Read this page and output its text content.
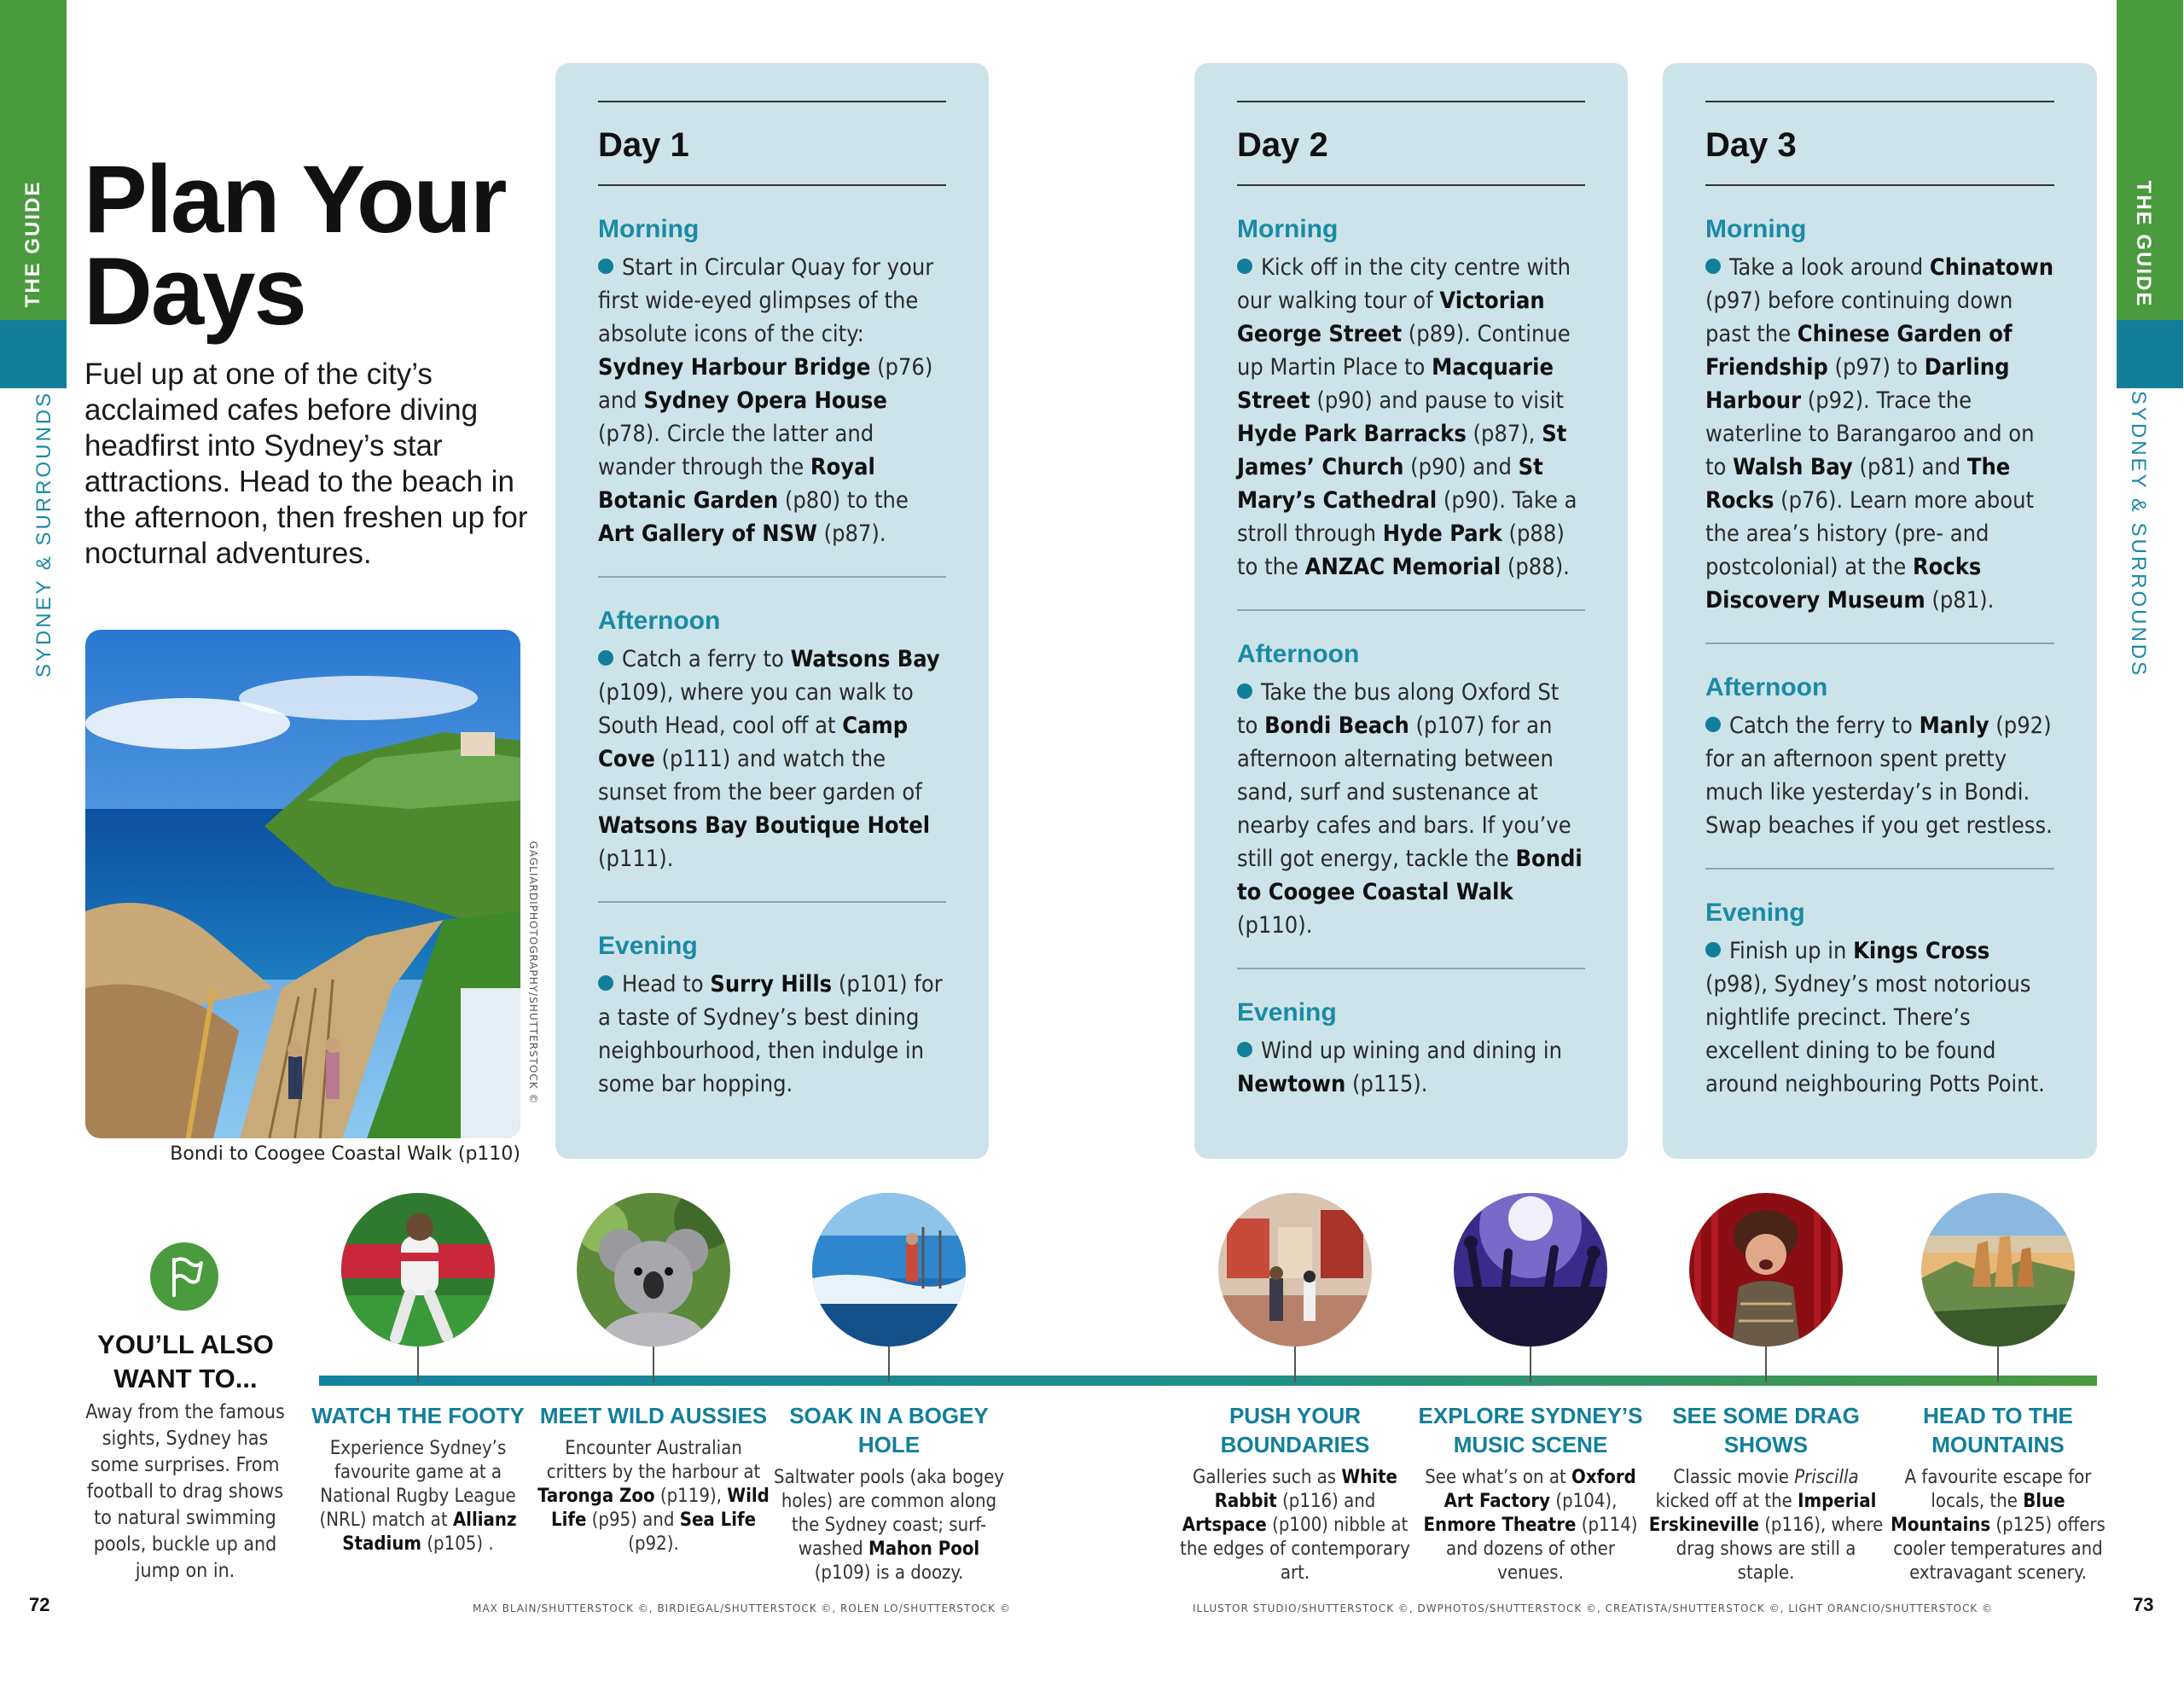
THE GUIDE
SYDNEY & SURROUNDS
THE GUIDE
SYDNEY & SURROUNDS
Plan Your
Days

Fuel up at one of the city’s acclaimed cafes before diving headfirst into Sydney’s star attractions. Head to the beach in the afternoon, then freshen up for nocturnal adventures.

GAGLIARDIPHOTOGRAPHY/SHUTTERSTOCK ©
Bondi to Coogee Coastal Walk (p110)
Day 1
Morning
Start in Circular Quay for your first wide-eyed glimpses of the absolute icons of the city: Sydney Harbour Bridge (p76) and Sydney Opera House (p78). Circle the latter and wander through the Royal Botanic Garden (p80) to the Art Gallery of NSW (p87).
Afternoon
Catch a ferry to Watsons Bay (p109), where you can walk to South Head, cool off at Camp Cove (p111) and watch the sunset from the beer garden of Watsons Bay Boutique Hotel (p111).
Evening
Head to Surry Hills (p101) for a taste of Sydney’s best dining neighbourhood, then indulge in some bar hopping.
Day 2
Morning
Kick off in the city centre with our walking tour of Victorian George Street (p89). Continue up Martin Place to Macquarie Street (p90) and pause to visit Hyde Park Barracks (p87), St James’ Church (p90) and St Mary’s Cathedral (p90). Take a stroll through Hyde Park (p88) to the ANZAC Memorial (p88).
Afternoon
Take the bus along Oxford St to Bondi Beach (p107) for an afternoon alternating between sand, surf and sustenance at nearby cafes and bars. If you’ve still got energy, tackle the Bondi to Coogee Coastal Walk (p110).
Evening
Wind up wining and dining in Newtown (p115).
Day 3
Morning
Take a look around Chinatown (p97) before continuing down past the Chinese Garden of Friendship (p97) to Darling Harbour (p92). Trace the waterline to Barangaroo and on to Walsh Bay (p81) and The Rocks (p76). Learn more about the area’s history (pre- and postcolonial) at the Rocks Discovery Museum (p81).
Afternoon
Catch the ferry to Manly (p92) for an afternoon spent pretty much like yesterday’s in Bondi. Swap beaches if you get restless.
Evening
Finish up in Kings Cross (p98), Sydney’s most notorious nightlife precinct. There’s excellent dining to be found around neighbouring Potts Point.
YOU’LL ALSO
WANT TO...
Away from the famous sights, Sydney has some surprises. From football to drag shows to natural swimming pools, buckle up and jump on in.
WATCH THE FOOTY
Experience Sydney’s favourite game at a National Rugby League (NRL) match at Allianz Stadium (p105) .
MEET WILD AUSSIES
Encounter Australian critters by the harbour at Taronga Zoo (p119), Wild Life (p95) and Sea Life (p92).
SOAK IN A BOGEY HOLE
Saltwater pools (aka bogey holes) are common along the Sydney coast; surf-washed Mahon Pool (p109) is a doozy.
PUSH YOUR BOUNDARIES
Galleries such as White Rabbit (p116) and Artspace (p100) nibble at the edges of contemporary art.
EXPLORE SYDNEY’S MUSIC SCENE
See what’s on at Oxford Art Factory (p104), Enmore Theatre (p114) and dozens of other venues.
SEE SOME DRAG SHOWS
Classic movie Priscilla kicked off at the Imperial Erskineville (p116), where drag shows are still a staple.
HEAD TO THE MOUNTAINS
A favourite escape for locals, the Blue Mountains (p125) offers cooler temperatures and extravagant scenery.
72	73
MAX BLAIN/SHUTTERSTOCK ©, BIRDIEGAL/SHUTTERSTOCK ©, ROLEN LO/SHUTTERSTOCK ©	ILLUSTOR STUDIO/SHUTTERSTOCK ©, DWPHOTOS/SHUTTERSTOCK ©, CREATISTA/SHUTTERSTOCK ©, LIGHT ORANCIO/SHUTTERSTOCK ©
